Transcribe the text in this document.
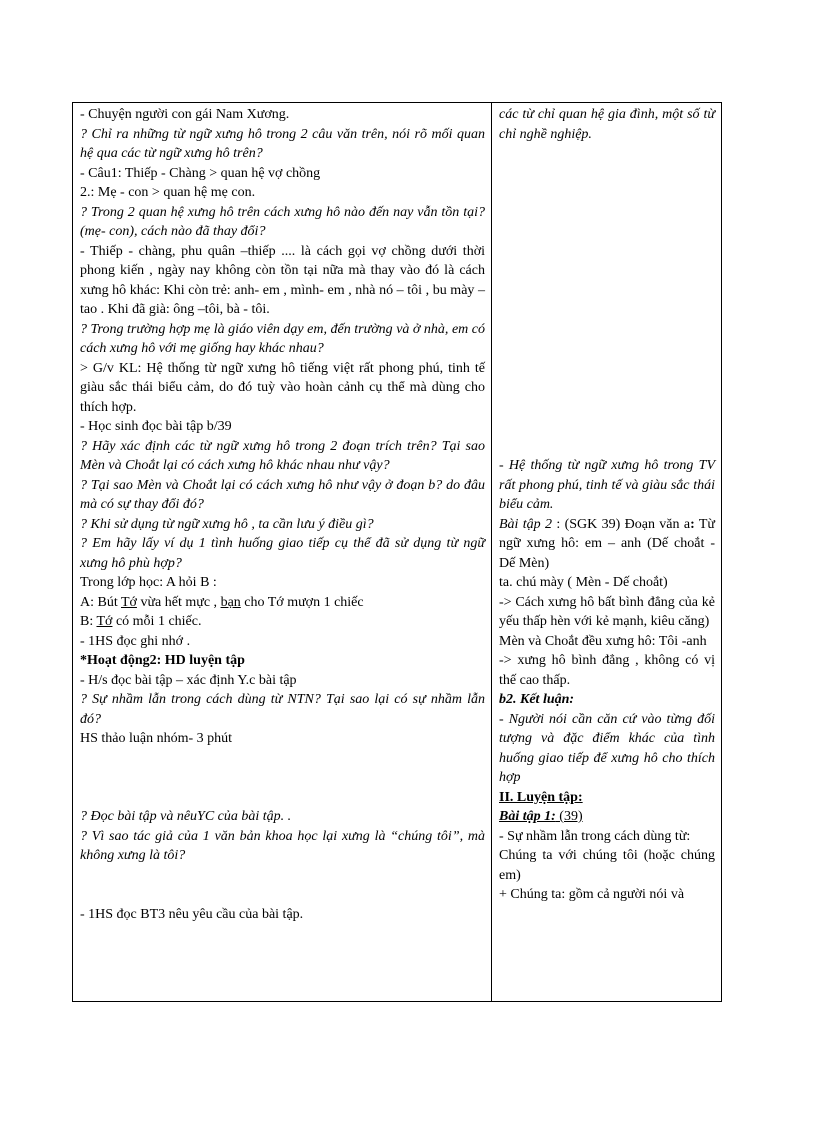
- Chuyện người con gái Nam Xương.

? Chỉ ra những từ ngữ xưng hô trong 2 câu văn trên, nói rõ mối quan hệ qua các từ ngữ xưng hô trên?

- Câu1: Thiếp - Chàng > quan hệ vợ chồng

2.: Mẹ - con > quan hệ mẹ con.

? Trong 2 quan hệ xưng hô trên cách xưng hô nào đến nay vẫn tồn tại? (mẹ- con), cách nào đã thay đổi?

- Thiếp - chàng, phu quân –thiếp .... là cách gọi vợ chồng dưới thời phong kiến , ngày nay không còn tồn tại nữa mà thay vào đó là cách xưng hô khác: Khi còn trẻ: anh- em , mình- em , nhà nó – tôi , bu mày – tao . Khi đã già: ông –tôi, bà - tôi.

? Trong trường hợp mẹ là giáo viên dạy em, đến trường và ở nhà, em có cách xưng hô với mẹ giống hay khác nhau?

> G/v KL: Hệ thống từ ngữ xưng hô tiếng việt rất phong phú, tinh tế giàu sắc thái biểu cảm, do đó tuỳ vào hoàn cảnh cụ thể mà dùng cho thích hợp.

- Học sinh đọc bài tập b/39

? Hãy xác định các từ ngữ xưng hô trong 2 đoạn trích trên? Tại sao Mèn và Choắt lại có cách xưng hô khác nhau như vậy?

? Tại sao Mèn và Choắt lại có cách xưng hô như vậy ở đoạn b? do đâu mà có sự thay đổi đó?

? Khi sử dụng từ ngữ xưng hô , ta cần lưu ý điều gì?

? Em hãy lấy ví dụ 1 tình huống giao tiếp cụ thể đã sử dụng từ ngữ xưng hô phù hợp?

Trong lớp học: A hỏi B :

A: Bút Tớ vừa hết mực , bạn cho Tớ mượn 1 chiếc

B: Tớ có mỗi 1 chiếc.

- 1HS đọc ghi nhớ .

*Hoạt động2: HD luyện tập

- H/s đọc bài tập – xác định Y.c bài tập

? Sự nhầm lẫn trong cách dùng từ NTN? Tại sao lại có sự nhầm lẫn đó?

HS thảo luận nhóm- 3 phút

? Đọc bài tập và nêuYC của bài tập. .

? Vì sao tác giả của 1 văn bản khoa học lại xưng là “chúng tôi”, mà không xưng là tôi?

- 1HS đọc BT3 nêu yêu cầu của bài tập.

các từ chỉ quan hệ gia đình, một số từ chỉ nghề nghiệp.

- Hệ thống từ ngữ xưng hô trong TV rất phong phú, tinh tế và giàu sắc thái biểu cảm.

Bài tập 2 : (SGK 39) Đoạn văn a: Từ ngữ xưng hô: em – anh (Dế choắt - Dế Mèn)

ta. chú mày ( Mèn - Dế choắt)

-> Cách xưng hô bất bình đẳng của kẻ yếu thấp hèn với kẻ mạnh, kiêu căng)

Mèn và Choắt đều xưng hô: Tôi -anh

-> xưng hô bình đẳng , không có vị thế cao thấp.

b2. Kết luận:

- Người nói cần căn cứ vào từng đối tượng và đặc điểm khác của tình huống giao tiếp để xưng hô cho thích hợp

II. Luyện tập:

Bài tập 1: (39)

- Sự nhầm lẫn trong cách dùng từ:

Chúng ta với chúng tôi (hoặc chúng em)

+ Chúng ta: gồm cả người nói và
